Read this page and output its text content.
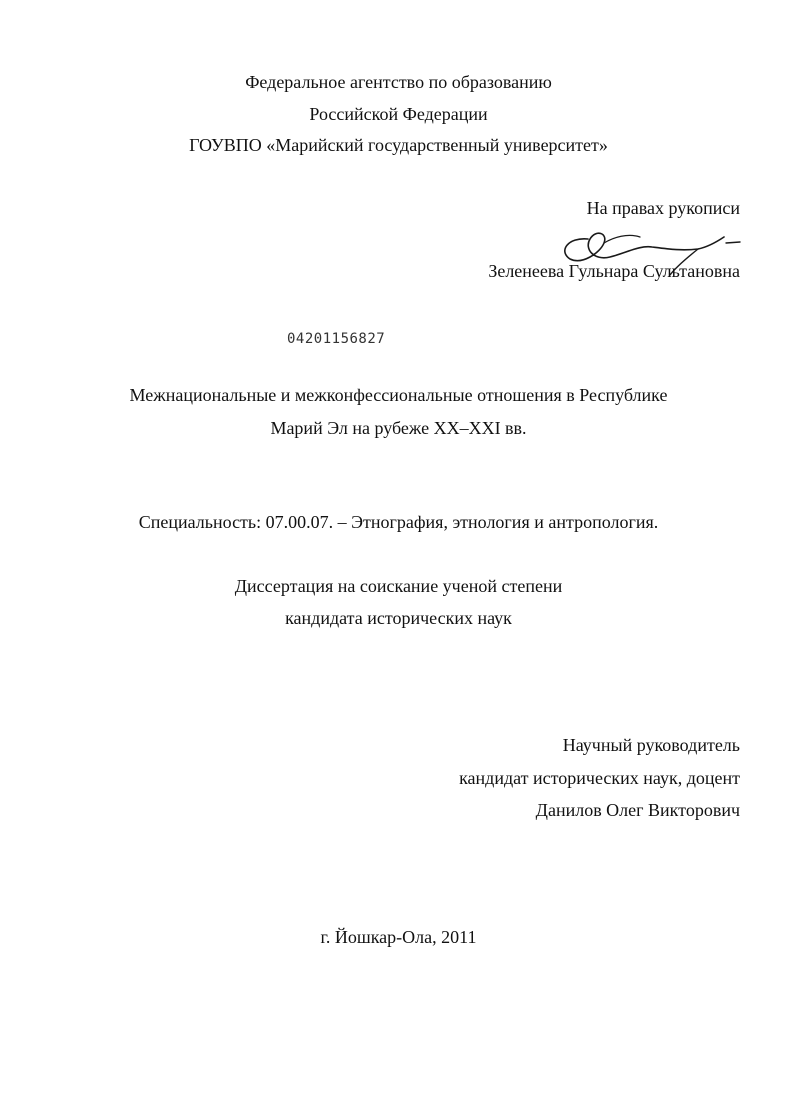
Федеральное агентство по образованию
Российской Федерации
ГОУВПО «Марийский государственный университет»
На правах рукописи
Зеленеева Гульнара Сультановна
04201156827
Межнациональные и межконфессиональные отношения в Республике
Марий Эл на рубеже XX–XXI вв.
Специальность: 07.00.07. – Этнография, этнология и антропология.
Диссертация на соискание ученой степени
кандидата исторических наук
Научный руководитель
кандидат исторических наук, доцент
Данилов Олег Викторович
г. Йошкар-Ола, 2011
